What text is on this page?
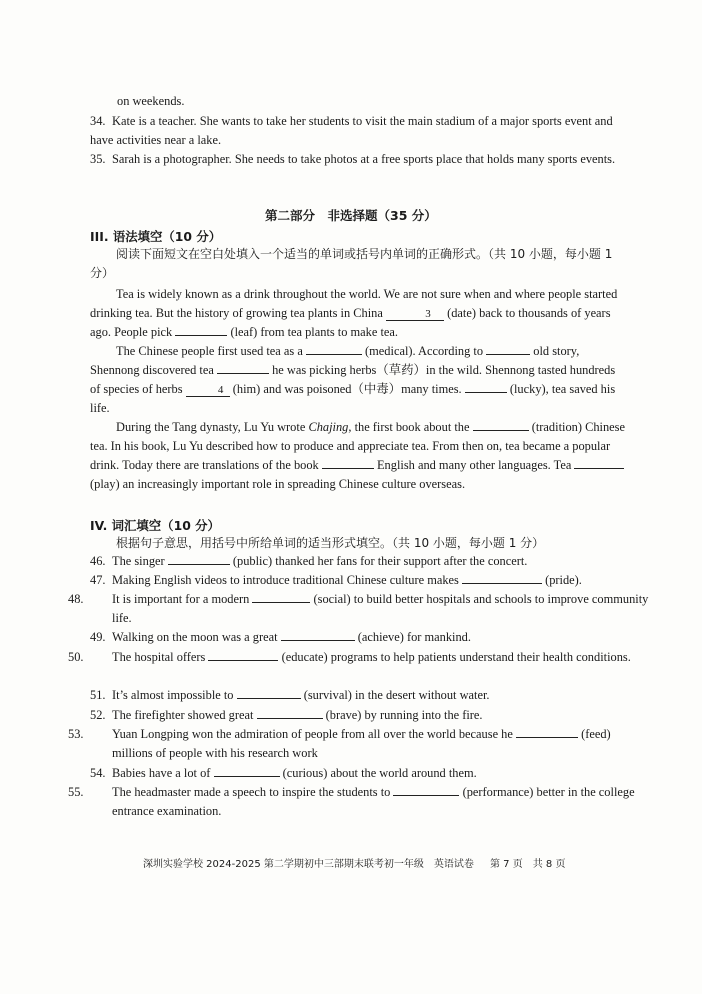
on weekends.
34. Kate is a teacher. She wants to take her students to visit the main stadium of a major sports event and have activities near a lake.
35. Sarah is a photographer. She needs to take photos at a free sports place that holds many sports events.
第二部分　非选择题（35 分）
III. 语法填空（10 分）
阅读下面短文在空白处填入一个适当的单词或括号内单词的正确形式。（共 10 小题，每小题 1 分）
Tea is widely known as a drink throughout the world. We are not sure when and where people started drinking tea. But the history of growing tea plants in China	3 (date) back to thousands of years ago. People pick	(leaf) from tea plants to make tea.
The Chinese people first used tea as a	(medical). According to	old story, Shennong discovered tea	he was picking herbs（草药）in the wild. Shennong tasted hundreds of species of herbs	4 (him) and was poisoned（中毒）many times.	(lucky), tea saved his life.
During the Tang dynasty, Lu Yu wrote Chajing, the first book about the	(tradition) Chinese tea. In his book, Lu Yu described how to produce and appreciate tea. From then on, tea became a popular drink. Today there are translations of the book	English and many other languages. Tea  (play) an increasingly important role in spreading Chinese culture overseas.
IV. 词汇填空（10 分）
根据句子意思，用括号中所给单词的适当形式填空。（共 10 小题，每小题 1 分）
46. The singer	(public) thanked her fans for their support after the concert.
47. Making English videos to introduce traditional Chinese culture makes	(pride).
48. It is important for a modern	(social) to build better hospitals and schools to improve community life.
49. Walking on the moon was a great	(achieve) for mankind.
50. The hospital offers	(educate) programs to help patients understand their health conditions.
51. It’s almost impossible to	(survival) in the desert without water.
52. The firefighter showed great	(brave) by running into the fire.
53. Yuan Longping won the admiration of people from all over the world because he	(feed) millions of people with his research work
54. Babies have a lot of	(curious) about the world around them.
55. The headmaster made a speech to inspire the students to	(performance) better in the college entrance examination.
深圳实验学校 2024-2025 第二学期初中三部期末联考初一年级　英语试卷 第 7 页　共 8 页
